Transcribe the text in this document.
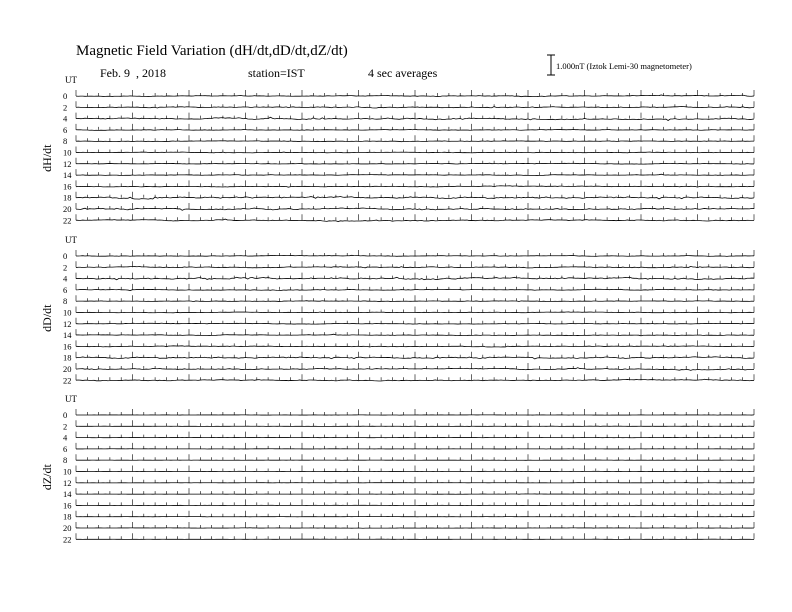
Magnetic Field Variation (dH/dt,dD/dt,dZ/dt)
Feb. 9  , 2018	station=IST	4 sec averages	1.000nT (Iztok Lemi-30 magnetometer)
UT
dH/dt
0
2
4
6
8
10
12
14
16
18
20
22
UT
dD/dt
0
2
4
6
8
10
12
14
16
18
20
22
UT
dZ/dt
0
2
4
6
8
10
12
14
16
18
20
22
